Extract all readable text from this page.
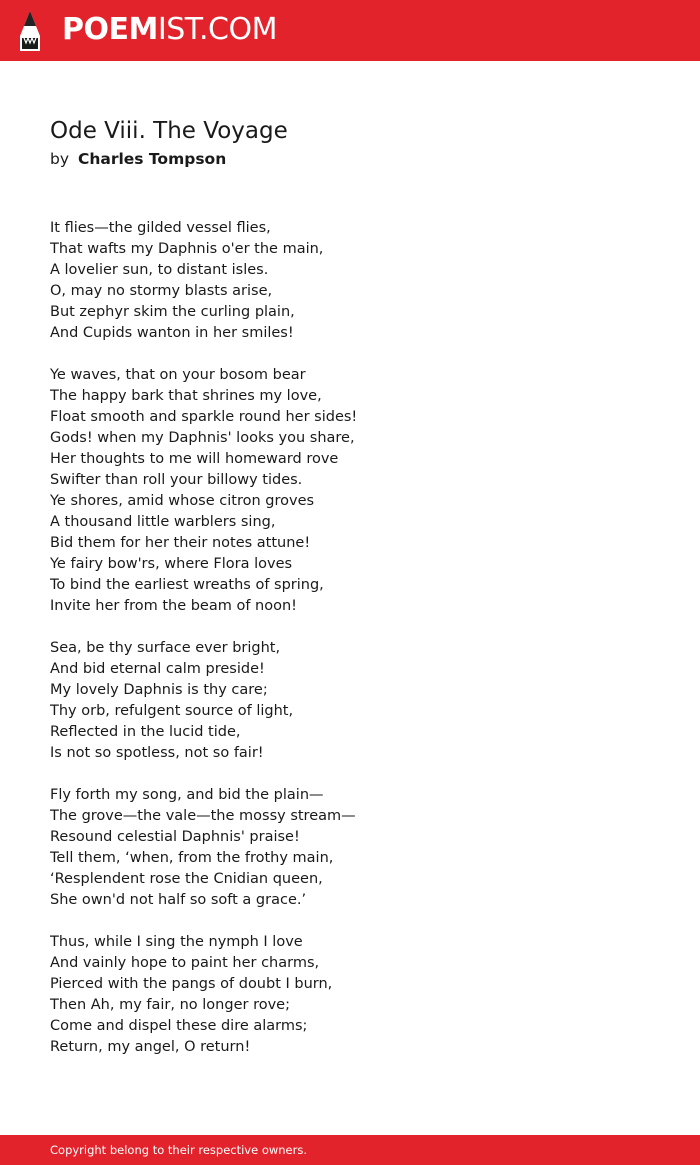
POEMIST.COM
Ode Viii. The Voyage
by Charles Tompson
It flies—the gilded vessel flies,
That wafts my Daphnis o'er the main,
A lovelier sun, to distant isles.
O, may no stormy blasts arise,
But zephyr skim the curling plain,
And Cupids wanton in her smiles!
Ye waves, that on your bosom bear
The happy bark that shrines my love,
Float smooth and sparkle round her sides!
Gods! when my Daphnis' looks you share,
Her thoughts to me will homeward rove
Swifter than roll your billowy tides.
Ye shores, amid whose citron groves
A thousand little warblers sing,
Bid them for her their notes attune!
Ye fairy bow'rs, where Flora loves
To bind the earliest wreaths of spring,
Invite her from the beam of noon!
Sea, be thy surface ever bright,
And bid eternal calm preside!
My lovely Daphnis is thy care;
Thy orb, refulgent source of light,
Reflected in the lucid tide,
Is not so spotless, not so fair!
Fly forth my song, and bid the plain—
The grove—the vale—the mossy stream—
Resound celestial Daphnis' praise!
Tell them, ‘when, from the frothy main,
‘Resplendent rose the Cnidian queen,
She own'd not half so soft a grace.’
Thus, while I sing the nymph I love
And vainly hope to paint her charms,
Pierced with the pangs of doubt I burn,
Then Ah, my fair, no longer rove;
Come and dispel these dire alarms;
Return, my angel, O return!
Copyright belong to their respective owners.
